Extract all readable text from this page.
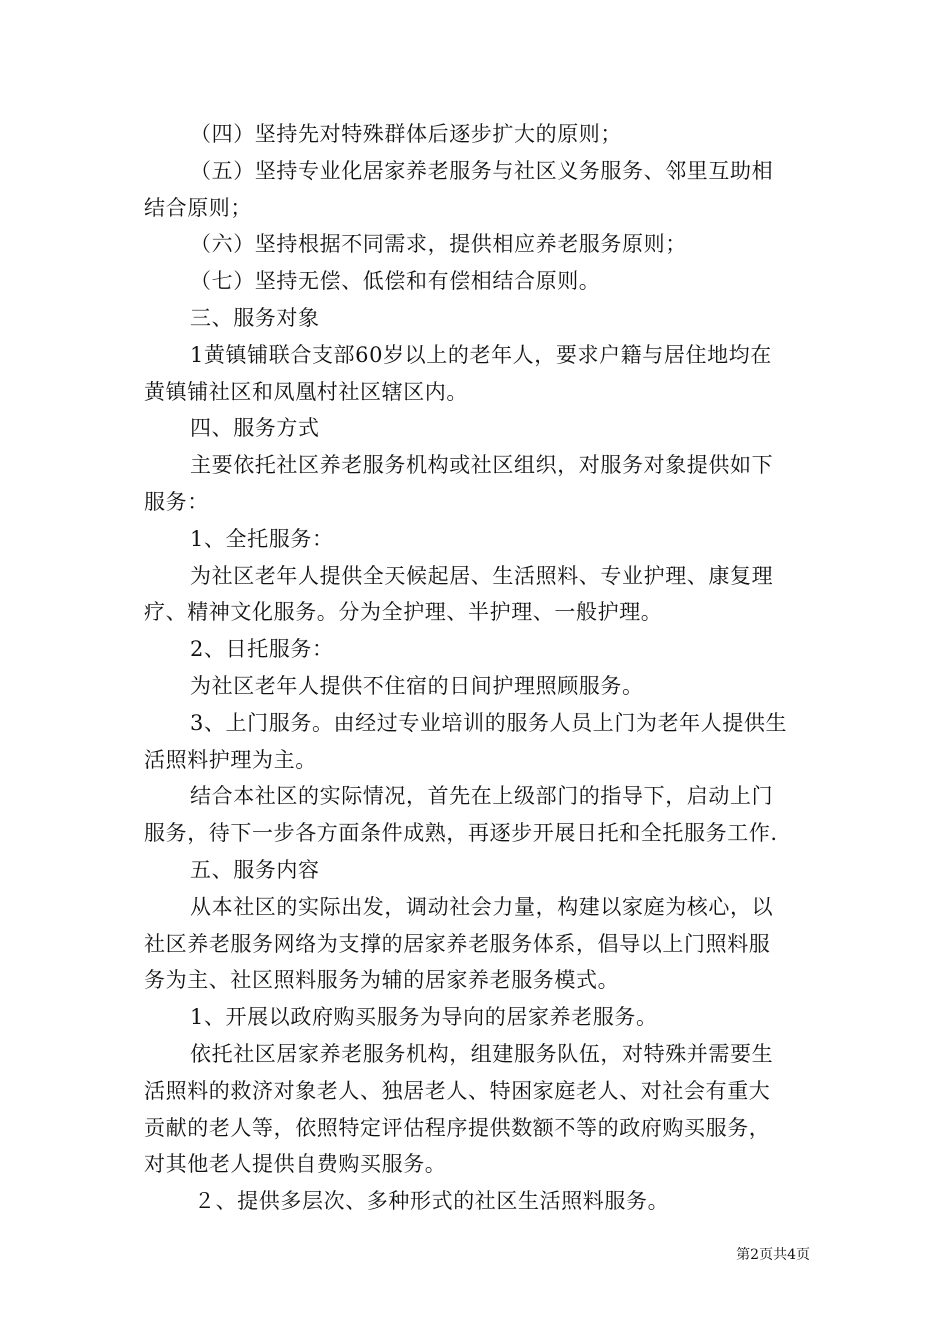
（四）坚持先对特殊群体后逐步扩大的原则；
（五）坚持专业化居家养老服务与社区义务服务、邻里互助相
结合原则；
（六）坚持根据不同需求，提供相应养老服务原则；
（七）坚持无偿、低偿和有偿相结合原则。
三、服务对象
1黄镇铺联合支部60岁以上的老年人，要求户籍与居住地均在
黄镇铺社区和凤凰村社区辖区内。
四、服务方式
主要依托社区养老服务机构或社区组织，对服务对象提供如下
服务：
1、全托服务：
为社区老年人提供全天候起居、生活照料、专业护理、康复理
疗、精神文化服务。分为全护理、半护理、一般护理。
2、日托服务：
为社区老年人提供不住宿的日间护理照顾服务。
3、上门服务。由经过专业培训的服务人员上门为老年人提供生
活照料护理为主。
结合本社区的实际情况，首先在上级部门的指导下，启动上门
服务，待下一步各方面条件成熟，再逐步开展日托和全托服务工作.
五、服务内容
从本社区的实际出发，调动社会力量，构建以家庭为核心，以
社区养老服务网络为支撑的居家养老服务体系，倡导以上门照料服
务为主、社区照料服务为辅的居家养老服务模式。
1、开展以政府购买服务为导向的居家养老服务。
依托社区居家养老服务机构，组建服务队伍，对特殊并需要生
活照料的救济对象老人、独居老人、特困家庭老人、对社会有重大
贡献的老人等，依照特定评估程序提供数额不等的政府购买服务，
对其他老人提供自费购买服务。
２、提供多层次、多种形式的社区生活照料服务。
第2页共4页
